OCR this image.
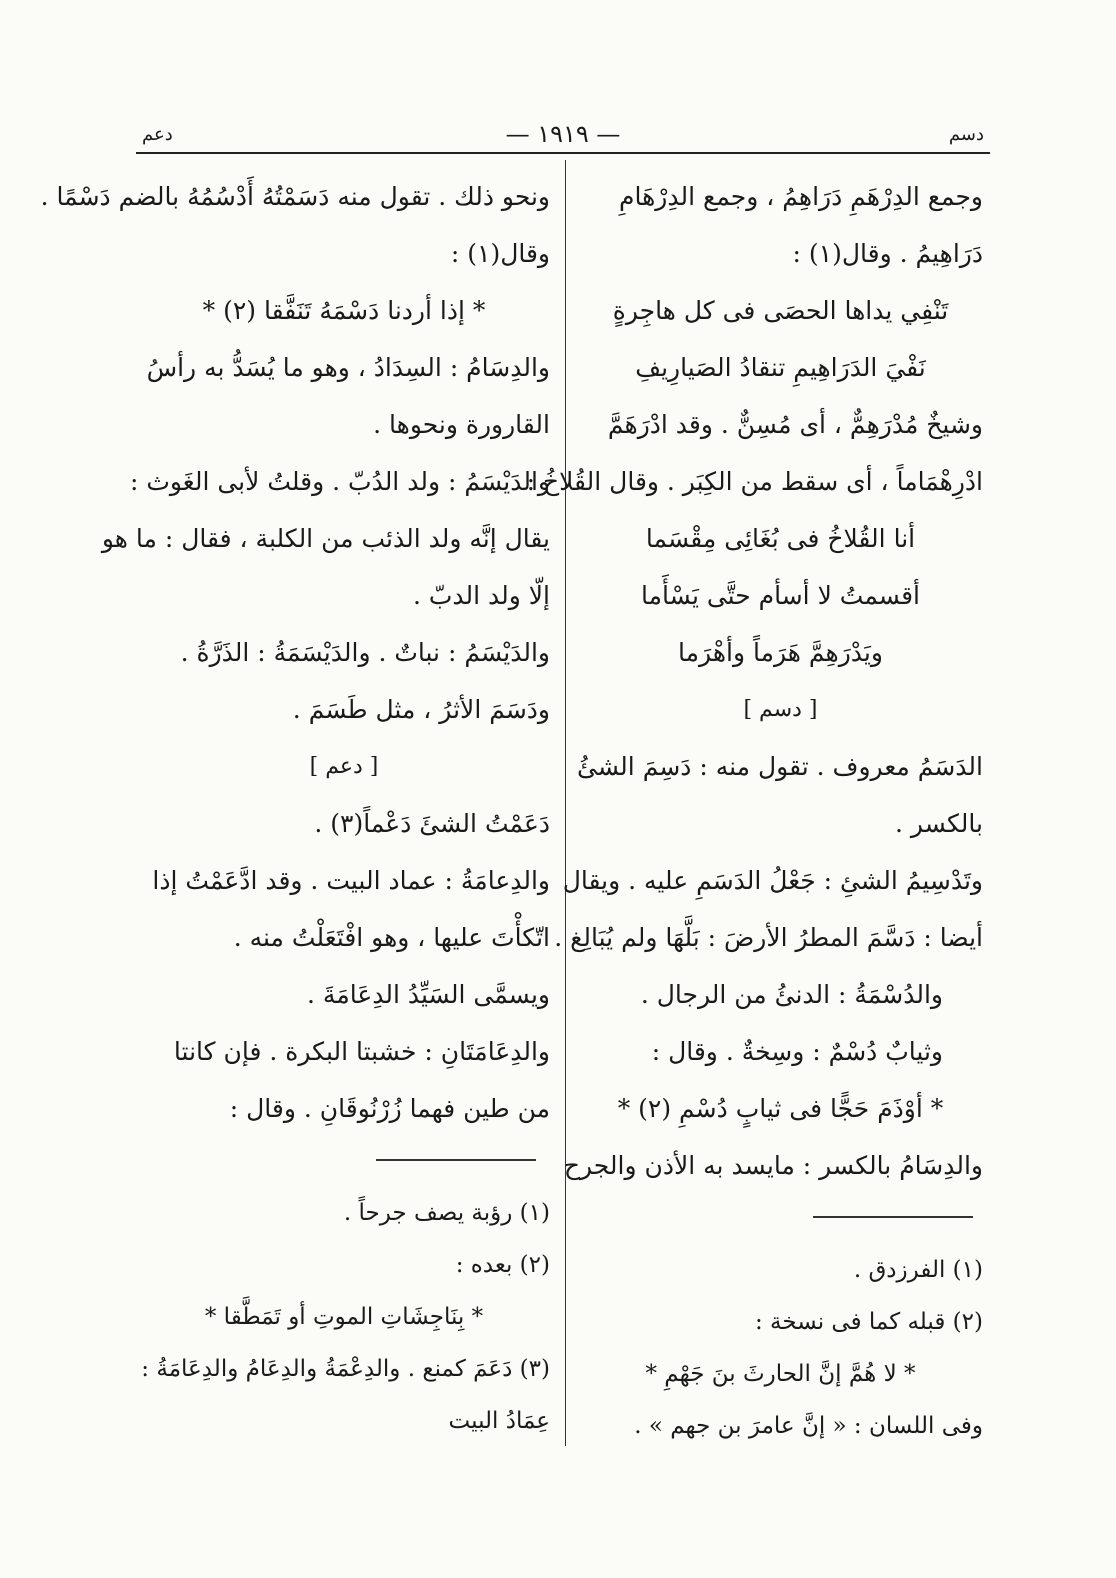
دعم	— ١٩١٩ —	دسم
وجمع الدِرْهَمِ دَرَاهِمُ ، وجمع الدِرْهَامِ
دَرَاهِيمُ . وقال(١) :
تَنْفِي يداها الحصَى فى كل هاجِرةٍ
نَفْيَ الدَرَاهِيمِ تنقادُ الصَيارِيفِ
وشيخٌ مُدْرَهِمٌّ ، أى مُسِنٌّ . وقد ادْرَهَمَّ
ادْرِهْمَاماً ، أى سقط من الكِبَر . وقال القُلاخُ :
أنا القُلاخُ فى بُغَائِى مِقْسَما
أقسمتُ لا أسأم حتَّى يَسْأَما
ويَدْرَهِمَّ هَرَماً وأهْرَما
[ دسم ]
الدَسَمُ معروف . تقول منه : دَسِمَ الشئُ
بالكسر .
وتَدْسِيمُ الشئِ : جَعْلُ الدَسَمِ عليه . ويقال
أيضا : دَسَّمَ المطرُ الأرضَ : بَلَّهَا ولم يُبَالِغ .
والدُسْمَةُ : الدنئُ من الرجال .
وثيابٌ دُسْمٌ : وسِخةٌ . وقال :
* أوْذَمَ حَجًّا فى ثيابٍ دُسْمِ (٢) *
والدِسَامُ بالكسر : مايسد به الأذن والجرح
(١) الفرزدق .
(٢) قبله كما فى نسخة :
* لا هُمَّ إنَّ الحارثَ بنَ جَهْمِ *
وفى اللسان : « إنَّ عامرَ بن جهم » .
ونحو ذلك . تقول منه دَسَمْتُهُ أَدْسُمُهُ بالضم دَسْمًا .
وقال(١) :
* إذا أردنا دَسْمَهُ تَنَفَّقا (٢) *
والدِسَامُ : السِدَادُ ، وهو ما يُسَدُّ به رأسُ
القارورة ونحوها .
والدَيْسَمُ : ولد الدُبّ . وقلتُ لأبى الغَوث :
يقال إنَّه ولد الذئب من الكلبة ، فقال : ما هو
إلّا ولد الدبّ .
والدَيْسَمُ : نباتٌ . والدَيْسَمَةُ : الذَرَّةُ .
ودَسَمَ الأثرُ ، مثل طَسَمَ .
[ دعم ]
دَعَمْتُ الشئَ دَعْماً(٣) .
والدِعامَةُ : عماد البيت . وقد ادَّعَمْتُ إذا
اتّكأْتَ عليها ، وهو افْتَعَلْتُ منه .
ويسمَّى السَيِّدُ الدِعَامَةَ .
والدِعَامَتَانِ : خشبتا البكرة . فإن كانتا
من طين فهما زُرْنُوقَانِ . وقال :
(١) رؤبة يصف جرحاً .
(٢) بعده :
* بِنَاجِشَاتِ الموتِ أو تَمَطَّقا *
(٣) دَعَمَ كمنع . والدِعْمَةُ والدِعَامُ والدِعَامَةُ :
عِمَادُ البيت
